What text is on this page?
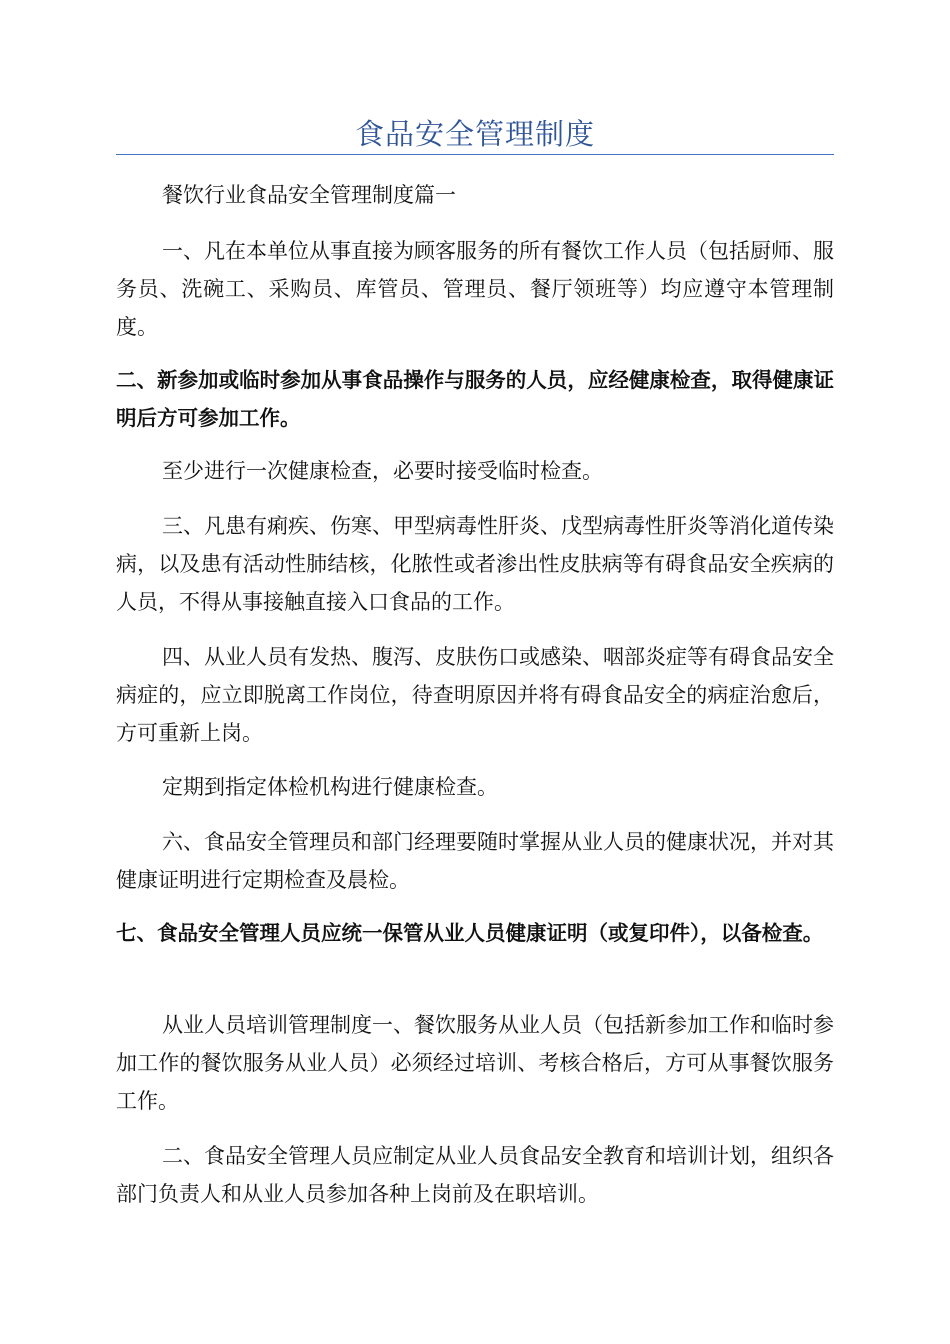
食品安全管理制度

餐饮行业食品安全管理制度篇一

一、凡在本单位从事直接为顾客服务的所有餐饮工作人员（包括厨师、服务员、洗碗工、采购员、库管员、管理员、餐厅领班等）均应遵守本管理制度。

二、新参加或临时参加从事食品操作与服务的人员，应经健康检查，取得健康证明后方可参加工作。

至少进行一次健康检查，必要时接受临时检查。

三、凡患有痢疾、伤寒、甲型病毒性肝炎、戊型病毒性肝炎等消化道传染病，以及患有活动性肺结核，化脓性或者渗出性皮肤病等有碍食品安全疾病的人员，不得从事接触直接入口食品的工作。

四、从业人员有发热、腹泻、皮肤伤口或感染、咽部炎症等有碍食品安全病症的，应立即脱离工作岗位，待查明原因并将有碍食品安全的病症治愈后，方可重新上岗。

定期到指定体检机构进行健康检查。

六、食品安全管理员和部门经理要随时掌握从业人员的健康状况，并对其健康证明进行定期检查及晨检。

七、食品安全管理人员应统一保管从业人员健康证明（或复印件），以备检查。

从业人员培训管理制度一、餐饮服务从业人员（包括新参加工作和临时参加工作的餐饮服务从业人员）必须经过培训、考核合格后，方可从事餐饮服务工作。

二、食品安全管理人员应制定从业人员食品安全教育和培训计划，组织各部门负责人和从业人员参加各种上岗前及在职培训。
